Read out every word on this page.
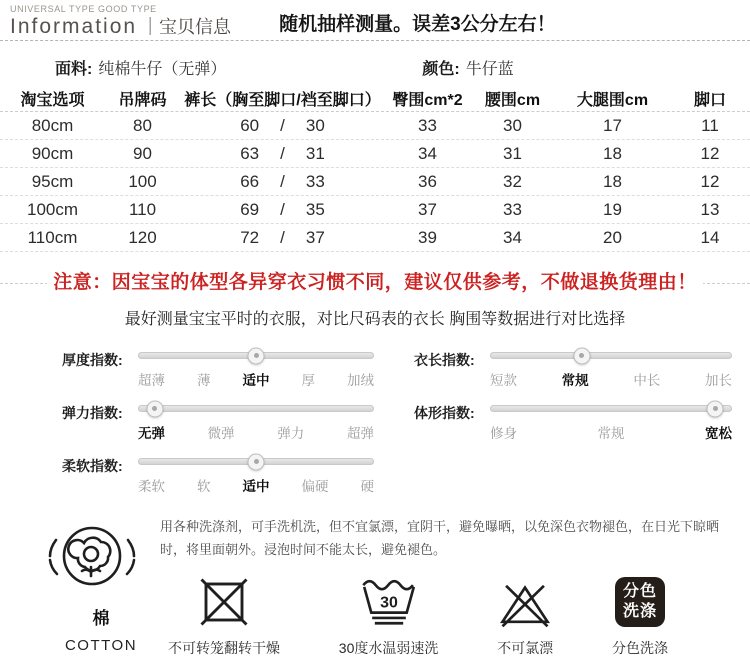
UNIVERSAL TYPE GOOD TYPE
Information ｜宝贝信息	随机抽样测量。误差3公分左右！
面料: 纯棉牛仔（无弹）	颜色: 牛仔蓝
淘宝选项	吊牌码	裤长（胸至脚口/裆至脚口） 臀围cm*2	腰围cm	大腿围cm	脚口
80cm	80	60 / 30	33	30	17	11
90cm	90	63 / 31	34	31	18	12
95cm	100	66 / 33	36	32	18	12
100cm	110	69 / 35	37	33	19	13
110cm	120	72 / 37	39	34	20	14
注意：因宝宝的体型各异穿衣习惯不同，建议仅供参考，不做退换货理由！
最好测量宝宝平时的衣服，对比尺码表的衣长 胸围等数据进行对比选择
厚度指数:
超薄 薄 适中 厚 加绒
弹力指数:
无弹	微弹	弹力	超弹
柔软指数:
柔软 软 适中 偏硬 硬
衣长指数:
短款	常规	中长	加长
体形指数:
修身	常规	宽松
棉
COTTON
用各种洗涤剂，可手洗机洗，但不宜氯漂，宜阴干，避免曝晒，以免深色衣物褪色，在日光下晾晒时，将里面朝外。浸泡时间不能太长，避免褪色。
不可转笼翻转干燥
30
30度水温弱速洗	不可氯漂
分色
洗涤
分色洗涤
